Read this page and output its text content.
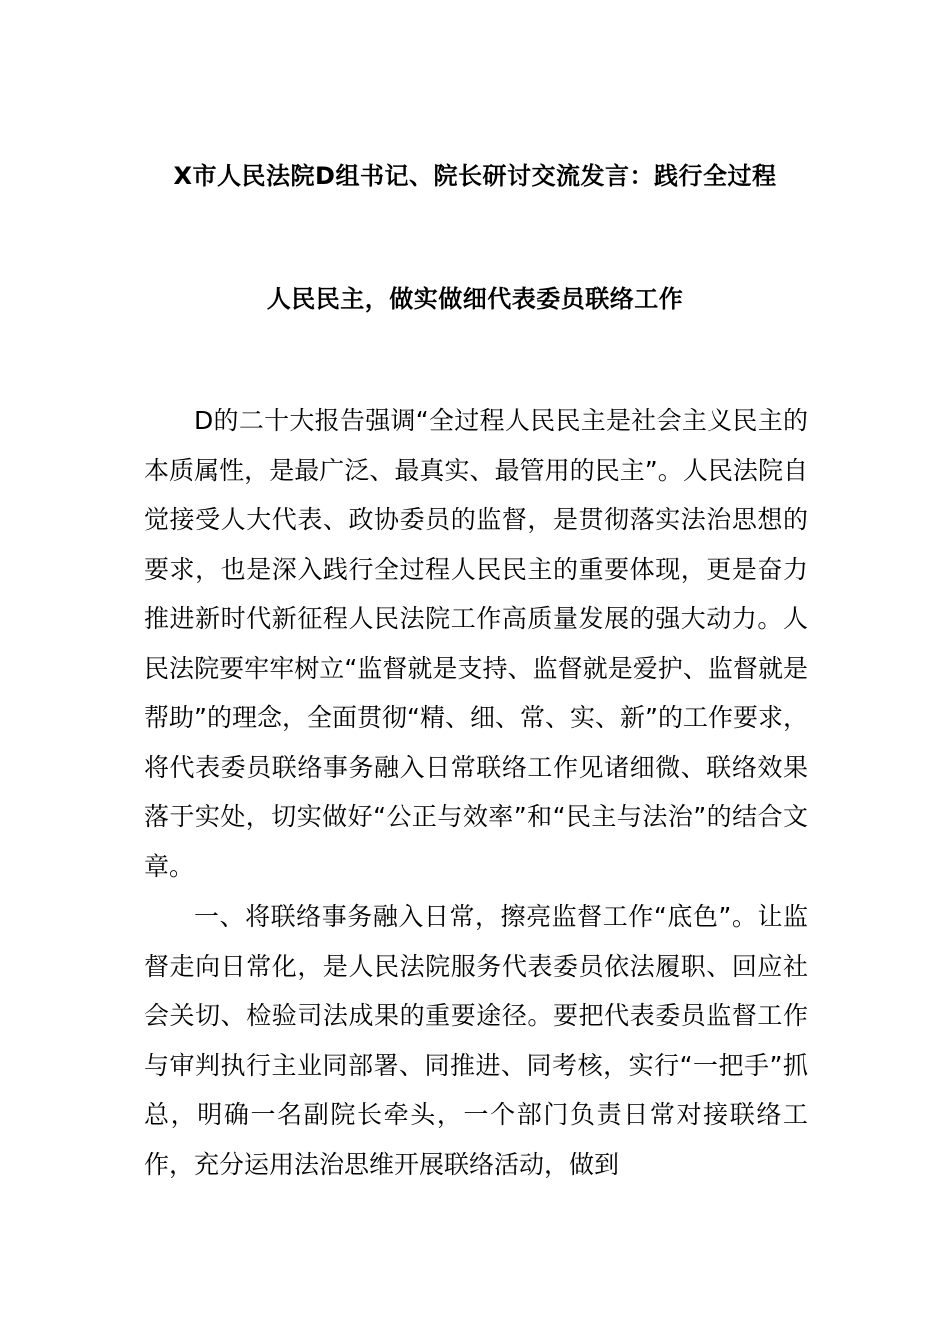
X市人民法院D组书记、院长研讨交流发言：践行全过程
人民民主，做实做细代表委员联络工作

D的二十大报告强调“全过程人民民主是社会主义民主的本质属性，是最广泛、最真实、最管用的民主”。人民法院自觉接受人大代表、政协委员的监督，是贯彻落实法治思想的要求，也是深入践行全过程人民民主的重要体现，更是奋力推进新时代新征程人民法院工作高质量发展的强大动力。人民法院要牢牢树立“监督就是支持、监督就是爱护、监督就是帮助”的理念，全面贯彻“精、细、常、实、新”的工作要求，将代表委员联络事务融入日常联络工作见诸细微、联络效果落于实处，切实做好“公正与效率”和“民主与法治”的结合文章。

一、将联络事务融入日常，擦亮监督工作“底色”。让监督走向日常化，是人民法院服务代表委员依法履职、回应社会关切、检验司法成果的重要途径。要把代表委员监督工作与审判执行主业同部署、同推进、同考核，实行“一把手”抓总，明确一名副院长牵头，一个部门负责日常对接联络工作，充分运用法治思维开展联络活动，做到
